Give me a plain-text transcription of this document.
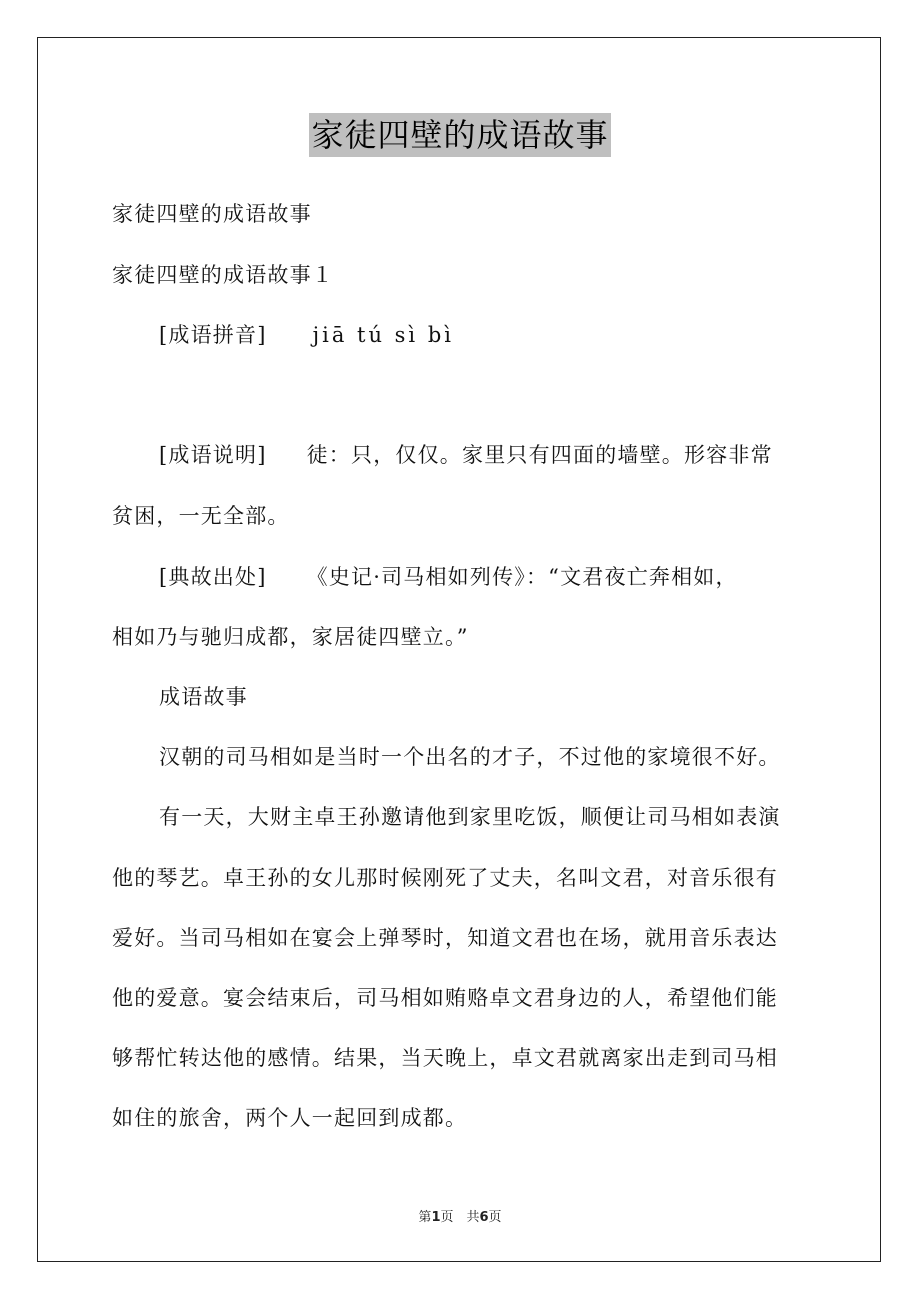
家徒四壁的成语故事
家徒四壁的成语故事
家徒四壁的成语故事１
[成语拼音] jiā tú sì bì
[成语说明] 徒：只，仅仅。家里只有四面的墙壁。形容非常
贫困，一无全部。
[典故出处] 《史记·司马相如列传》：“文君夜亡奔相如，
相如乃与驰归成都，家居徒四壁立。”
成语故事
汉朝的司马相如是当时一个出名的才子，不过他的家境很不好。
有一天，大财主卓王孙邀请他到家里吃饭，顺便让司马相如表演
他的琴艺。卓王孙的女儿那时候刚死了丈夫，名叫文君，对音乐很有
爱好。当司马相如在宴会上弹琴时，知道文君也在场，就用音乐表达
他的爱意。宴会结束后，司马相如贿赂卓文君身边的人，希望他们能
够帮忙转达他的感情。结果，当天晚上，卓文君就离家出走到司马相
如住的旅舍，两个人一起回到成都。
第1页　共6页
